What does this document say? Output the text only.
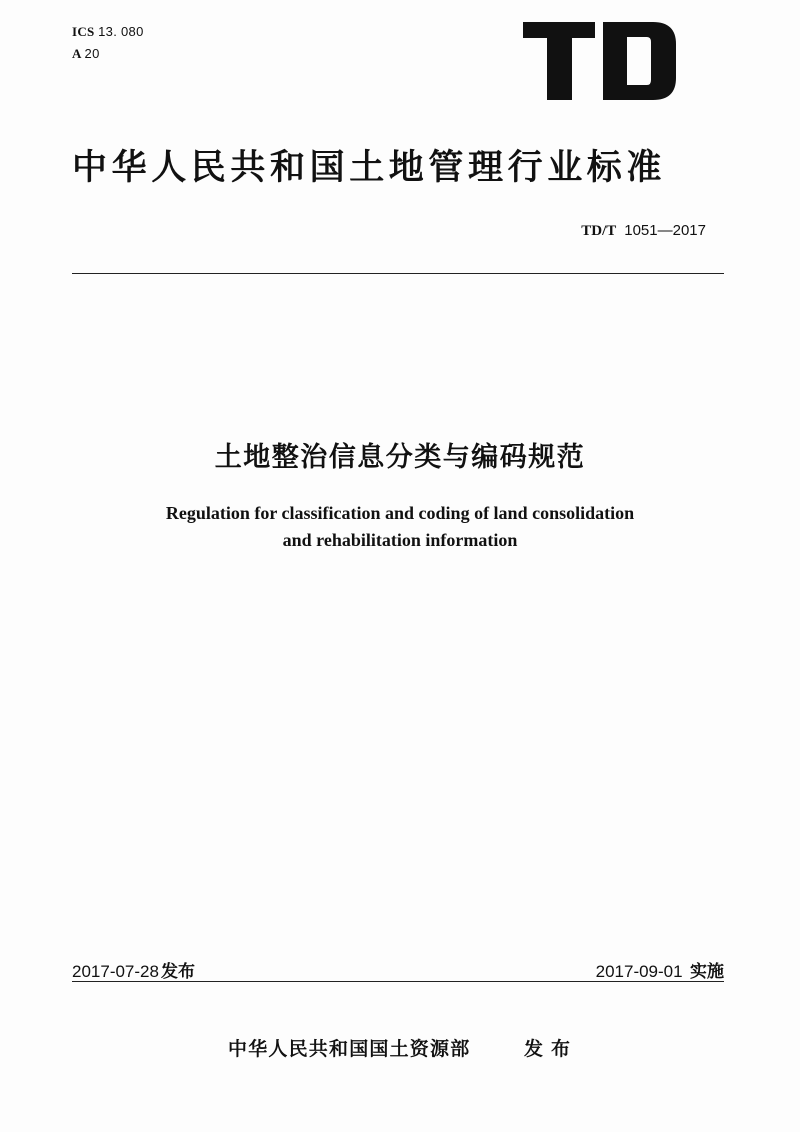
ICS 13. 080
A 20
中华人民共和国土地管理行业标准
TD/T 1051—2017
土地整治信息分类与编码规范
Regulation for classification and coding of land consolidation
and rehabilitation information
2017-07-28 发布	2017-09-01 实施
中华人民共和国国土资源部	发布
